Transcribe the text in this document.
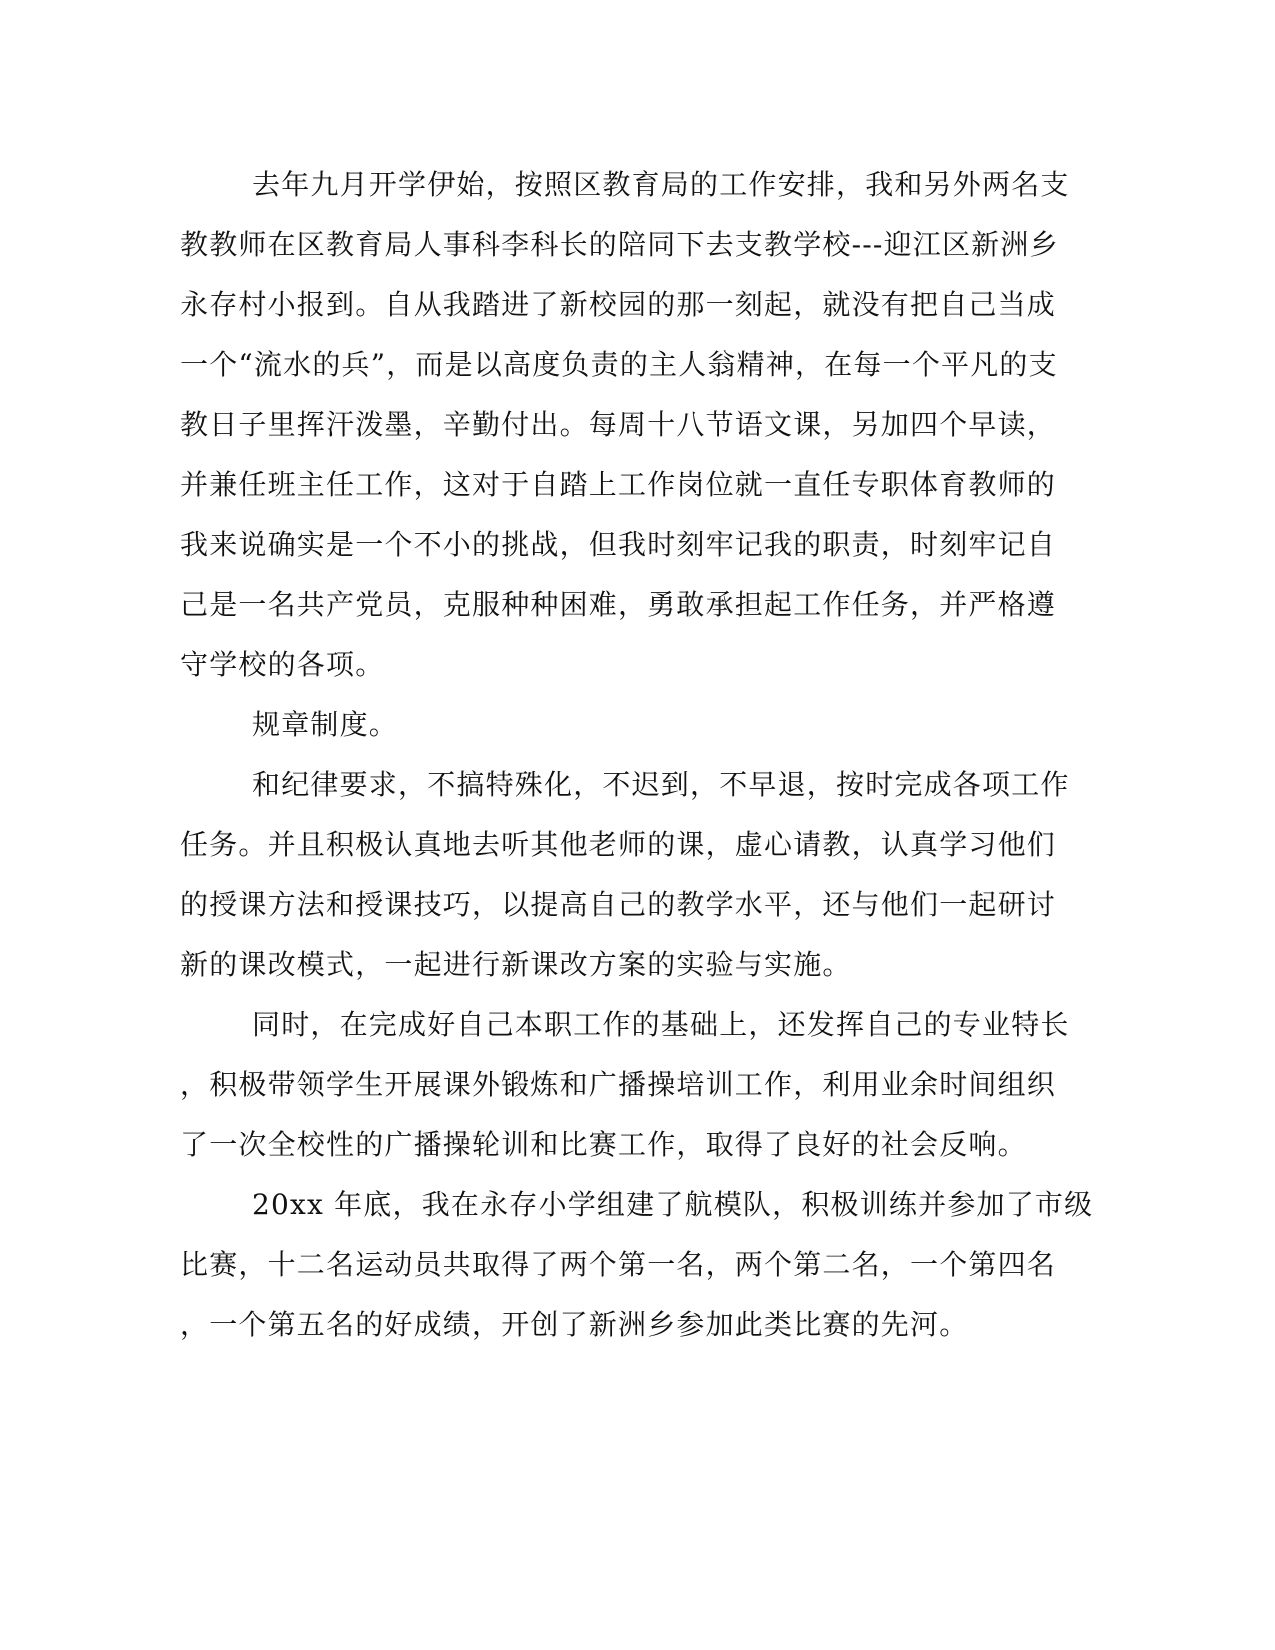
去年九月开学伊始，按照区教育局的工作安排，我和另外两名支
教教师在区教育局人事科李科长的陪同下去支教学校---迎江区新洲乡
永存村小报到。自从我踏进了新校园的那一刻起，就没有把自己当成
一个“流水的兵”，而是以高度负责的主人翁精神，在每一个平凡的支
教日子里挥汗泼墨，辛勤付出。每周十八节语文课，另加四个早读，
并兼任班主任工作，这对于自踏上工作岗位就一直任专职体育教师的
我来说确实是一个不小的挑战，但我时刻牢记我的职责，时刻牢记自
己是一名共产党员，克服种种困难，勇敢承担起工作任务，并严格遵
守学校的各项。
规章制度。
和纪律要求，不搞特殊化，不迟到，不早退，按时完成各项工作
任务。并且积极认真地去听其他老师的课，虚心请教，认真学习他们
的授课方法和授课技巧，以提高自己的教学水平，还与他们一起研讨
新的课改模式，一起进行新课改方案的实验与实施。
同时，在完成好自己本职工作的基础上，还发挥自己的专业特长
，积极带领学生开展课外锻炼和广播操培训工作，利用业余时间组织
了一次全校性的广播操轮训和比赛工作，取得了良好的社会反响。
20xx 年底，我在永存小学组建了航模队，积极训练并参加了市级
比赛，十二名运动员共取得了两个第一名，两个第二名，一个第四名
，一个第五名的好成绩，开创了新洲乡参加此类比赛的先河。
